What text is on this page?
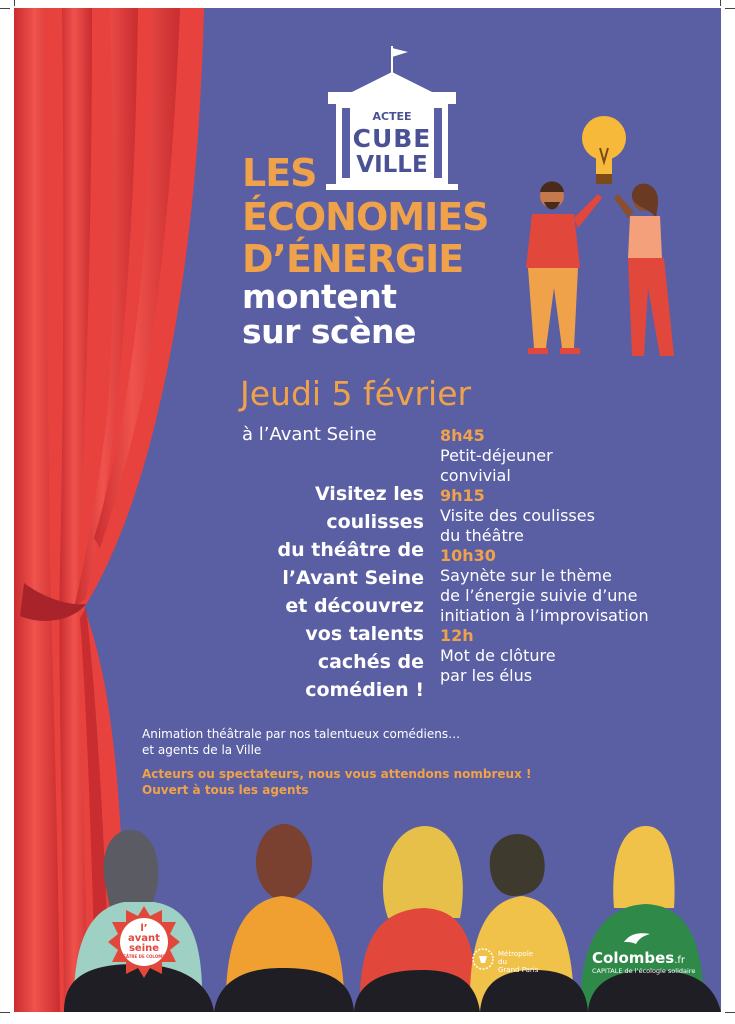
ACTEE
CUBE
VILLE
LES
ÉCONOMIES
D’ÉNERGIE
montent
sur scène
Jeudi 5 février
à l’Avant Seine
Visitez les
coulisses
du théâtre de
l’Avant Seine
et découvrez
vos talents
cachés de
comédien !
8h45
Petit-déjeuner
convivial
9h15
Visite des coulisses
du théâtre
10h30
Saynète sur le thème
de l’énergie suivie d’une
initiation à l’improvisation
12h
Mot de clôture
par les élus
Animation théâtrale par nos talentueux comédiens…
et agents de la Ville
Acteurs ou spectateurs, nous vous attendons nombreux !
Ouvert à tous les agents
l’
avant
seine
THÉÂTRE DE COLOMBES	Métropole
du
Grand Paris
Colombes.fr
CAPITALE de l’écologie solidaire
